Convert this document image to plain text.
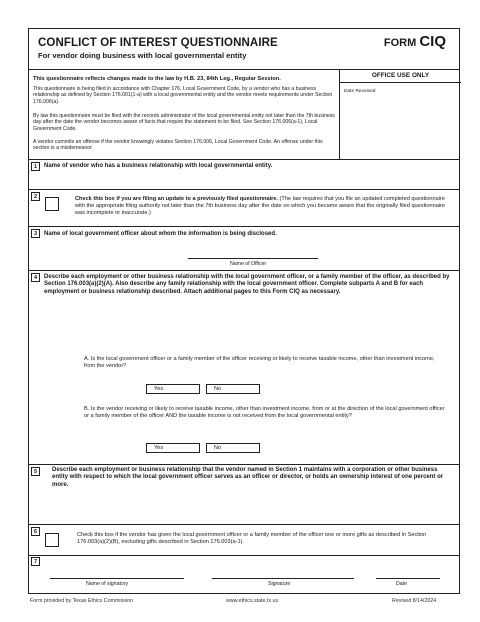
CONFLICT OF INTEREST QUESTIONNAIRE
For vendor doing business with local governmental entity
FORM CIQ
This questionnaire reflects changes made to the law by H.B. 23, 84th Leg., Regular Session.
This questionnaire is being filed in accordance with Chapter 176, Local Government Code, by a vendor who has a business relationship as defined by Section 176.001(1-a) with a local governmental entity and the vendor meets requirements under Section 176.006(a).
By law this questionnaire must be filed with the records administrator of the local governmental entity not later than the 7th business day after the date the vendor becomes aware of facts that require the statement to be filed. See Section 176.006(a-1), Local Government Code.
A vendor commits an offense if the vendor knowingly violates Section 176.006, Local Government Code. An offense under this section is a misdemeanor.
OFFICE USE ONLY
Date Received
1	Name of vendor who has a business relationship with local governmental entity.
2	Check this box if you are filing an update to a previously filed questionnaire. (The law requires that you file an updated completed questionnaire with the appropriate filing authority not later than the 7th business day after the date on which you became aware that the originally filed questionnaire was incomplete or inaccurate.)
3	Name of local government officer about whom the information is being disclosed.
Name of Officer
4	Describe each employment or other business relationship with the local government officer, or a family member of the officer, as described by Section 176.003(a)(2)(A). Also describe any family relationship with the local government officer. Complete subparts A and B for each employment or business relationship described. Attach additional pages to this Form CIQ as necessary.
A. Is the local government officer or a family member of the officer receiving or likely to receive taxable income, other than investment income, from the vendor?
Yes	No
B. Is the vendor receiving or likely to receive taxable income, other than investment income, from or at the direction of the local government officer or a family member of the officer AND the taxable income is not received from the local governmental entity?
Yes	No
5	Describe each employment or business relationship that the vendor named in Section 1 maintains with a corporation or other business entity with respect to which the local government officer serves as an officer or director, or holds an ownership interest of one percent or more.
6	Check this box if the vendor has given the local government officer or a family member of the officer one or more gifts as described in Section 176.003(a)(2)(B), excluding gifts described in Section 176.003(a-1).
7
Name of signatory	Signature	Date
Form provided by Texas Ethics Commission	www.ethics.state.tx.us	Revised 8/14/2024
